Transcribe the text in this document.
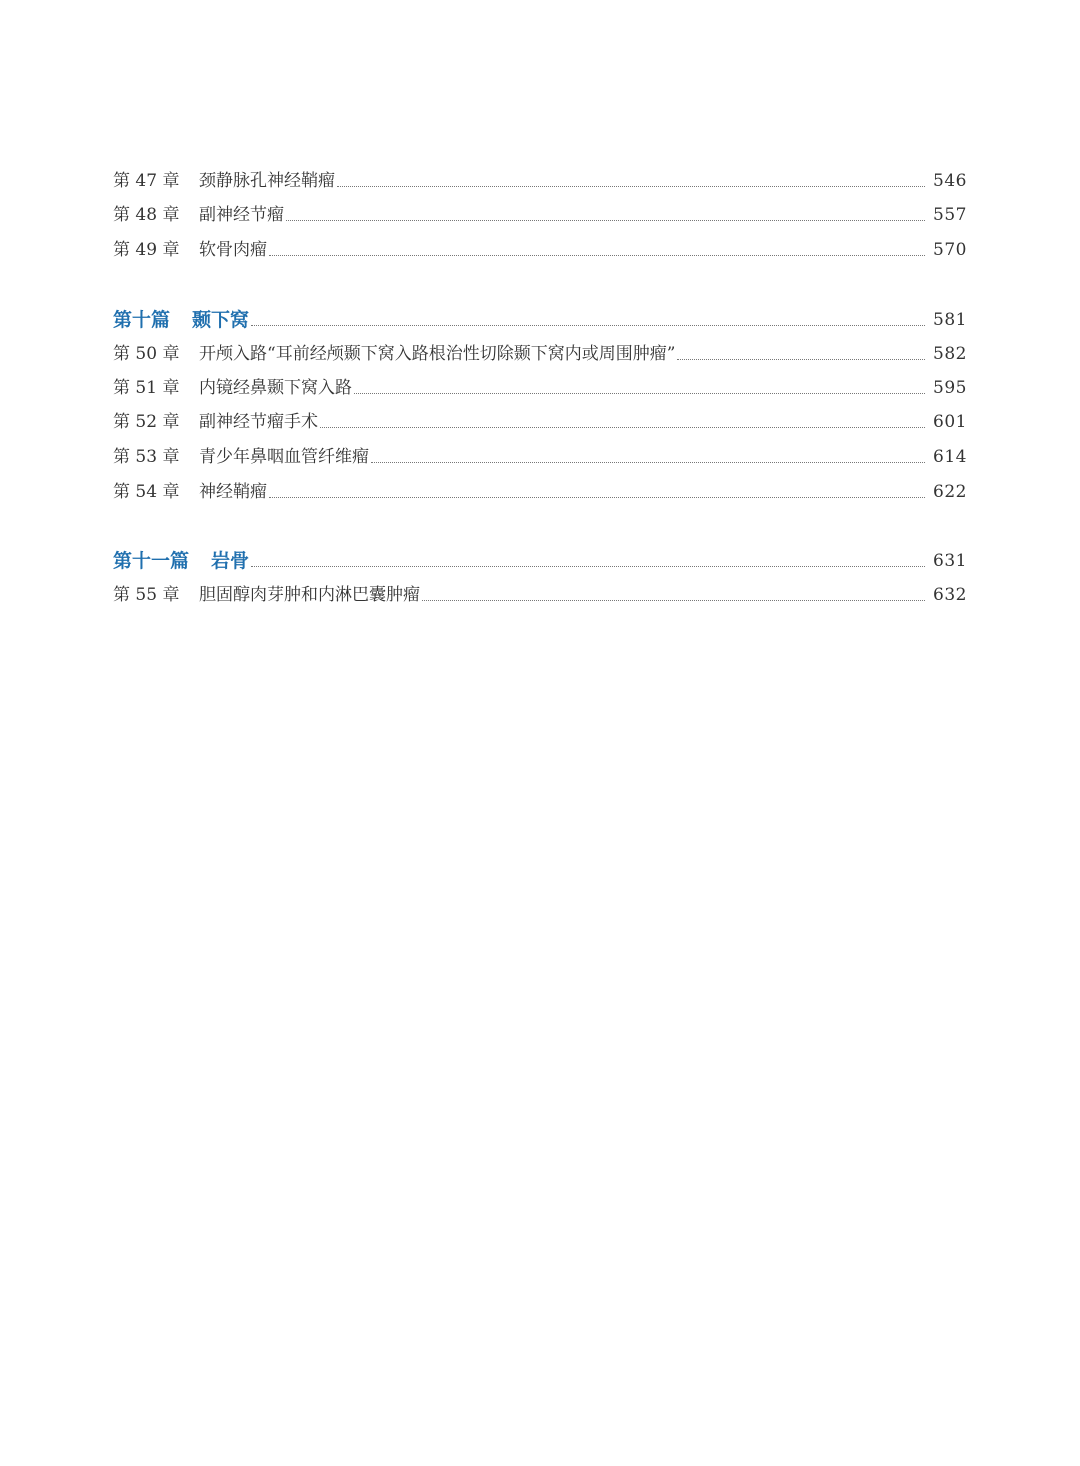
第 47 章	颈静脉孔神经鞘瘤	546
第 48 章	副神经节瘤	557
第 49 章	软骨肉瘤	570
第十篇 颞下窝	581
第 50 章	开颅入路“耳前经颅颞下窝入路根治性切除颞下窝内或周围肿瘤”	582
第 51 章	内镜经鼻颞下窝入路	595
第 52 章	副神经节瘤手术	601
第 53 章	青少年鼻咽血管纤维瘤	614
第 54 章	神经鞘瘤	622
第十一篇 岩骨	631
第 55 章	胆固醇肉芽肿和内淋巴囊肿瘤	632
